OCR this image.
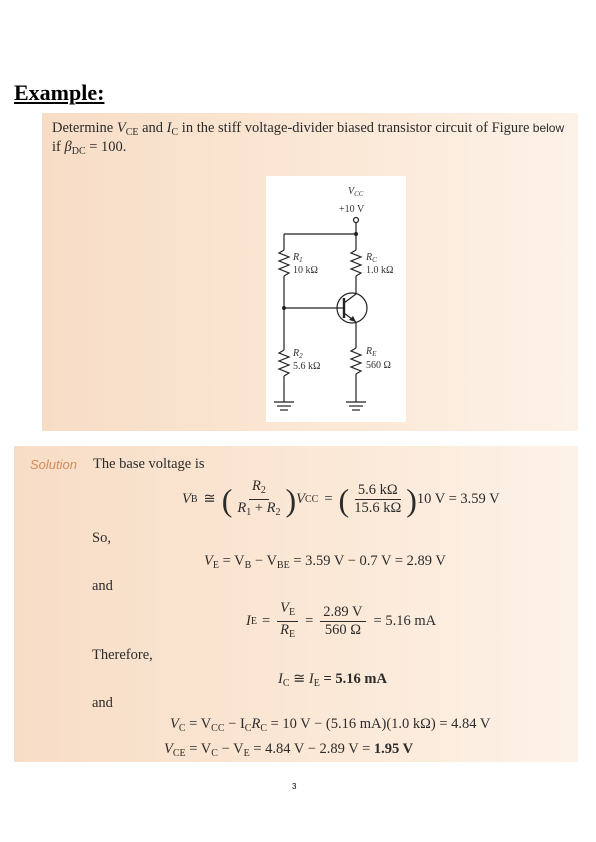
Example:
Determine $V_{CE}$ and $I_C$ in the stiff voltage-divider biased transistor circuit of Figure below
if $\beta_{DC} = 100$.
$V_{CC}$
+10 V
$R_1$
10 kΩ
$R_C$
1.0 kΩ
$R_2$
5.6 kΩ
$R_E$
560 Ω
Solution The base voltage is
V B ≅ ( $\frac{R_2}{R_1 + R_2}$ ) V CC = ( $\frac{5.6 k\Omega}{15.6 k\Omega}$ ) 10 V = 3.59 V
So,
$V_E = V_B - V_{BE} = 3.59$ V − 0.7 V = 2.89 V
and
I $E = \frac{V_E}{R_E} = \frac{2.89 V}{560 \Omega} = 5.16$ mA
Therefore,
$I_C$ ≅ $I_E = 5.16$ mA
and
$V_C = V_{CC} - I_CR_C = 10$ V − (5.16 mA)(1.0 kΩ) = 4.84 V
$V_{CE} = V_C - V_E = 4.84$ V − 2.89 V = 1.95 V
3
